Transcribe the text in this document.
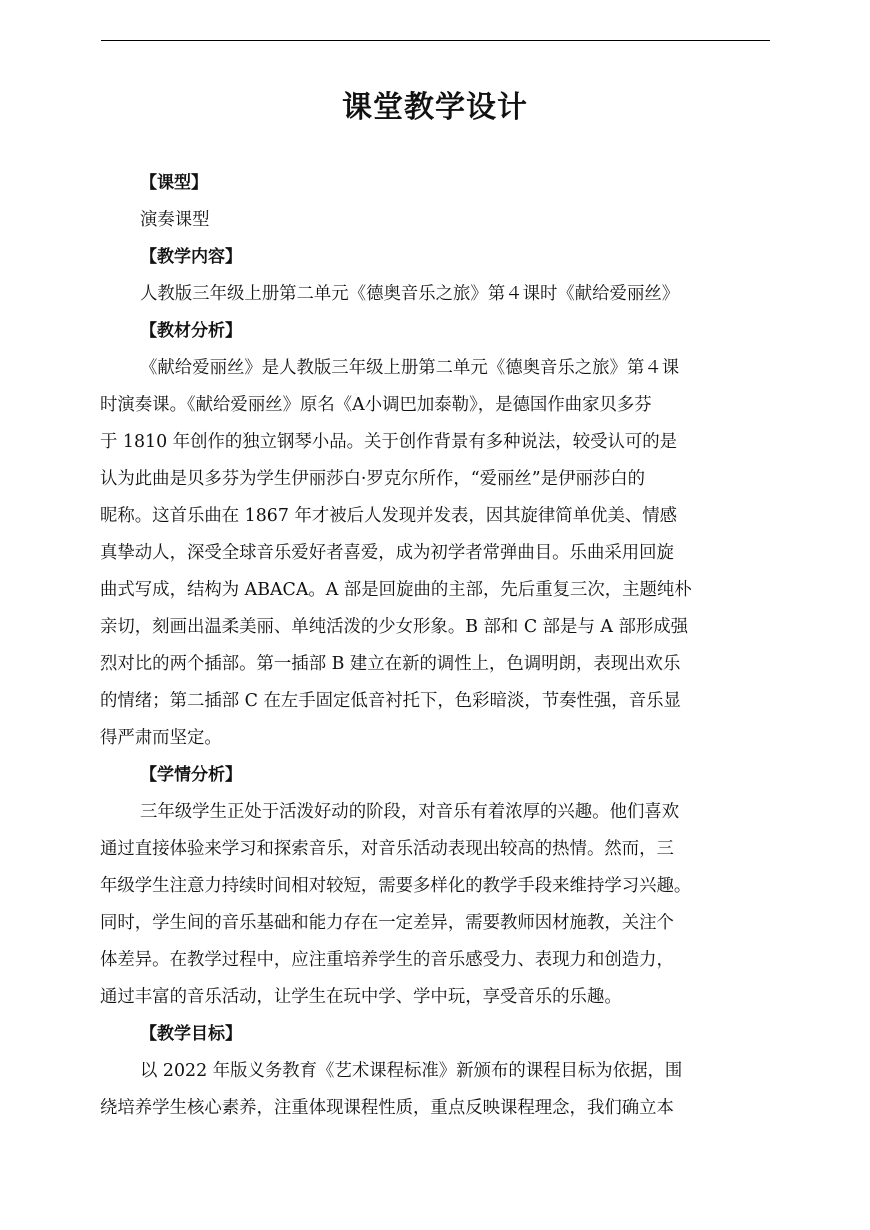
课堂教学设计
【课型】
演奏课型
【教学内容】
人教版三年级上册第二单元《德奥音乐之旅》第４课时《献给爱丽丝》
【教材分析】
《献给爱丽丝》是人教版三年级上册第二单元《德奥音乐之旅》第４课
时演奏课。《献给爱丽丝》原名《A小调巴加泰勒》，是德国作曲家贝多芬
于 1810 年创作的独立钢琴小品。关于创作背景有多种说法，较受认可的是
认为此曲是贝多芬为学生伊丽莎白·罗克尔所作，“爱丽丝”是伊丽莎白的
昵称。这首乐曲在 1867 年才被后人发现并发表，因其旋律简单优美、情感
真挚动人，深受全球音乐爱好者喜爱，成为初学者常弹曲目。乐曲采用回旋
曲式写成，结构为 ABACA。A 部是回旋曲的主部，先后重复三次，主题纯朴
亲切，刻画出温柔美丽、单纯活泼的少女形象。B 部和 C 部是与 A 部形成强
烈对比的两个插部。第一插部 B 建立在新的调性上，色调明朗，表现出欢乐
的情绪；第二插部 C 在左手固定低音衬托下，色彩暗淡，节奏性强，音乐显
得严肃而坚定。
【学情分析】
三年级学生正处于活泼好动的阶段，对音乐有着浓厚的兴趣。他们喜欢
通过直接体验来学习和探索音乐，对音乐活动表现出较高的热情。然而，三
年级学生注意力持续时间相对较短，需要多样化的教学手段来维持学习兴趣。
同时，学生间的音乐基础和能力存在一定差异，需要教师因材施教，关注个
体差异。在教学过程中，应注重培养学生的音乐感受力、表现力和创造力，
通过丰富的音乐活动，让学生在玩中学、学中玩，享受音乐的乐趣。
【教学目标】
以 2022 年版义务教育《艺术课程标准》新颁布的课程目标为依据，围
绕培养学生核心素养，注重体现课程性质，重点反映课程理念，我们确立本
